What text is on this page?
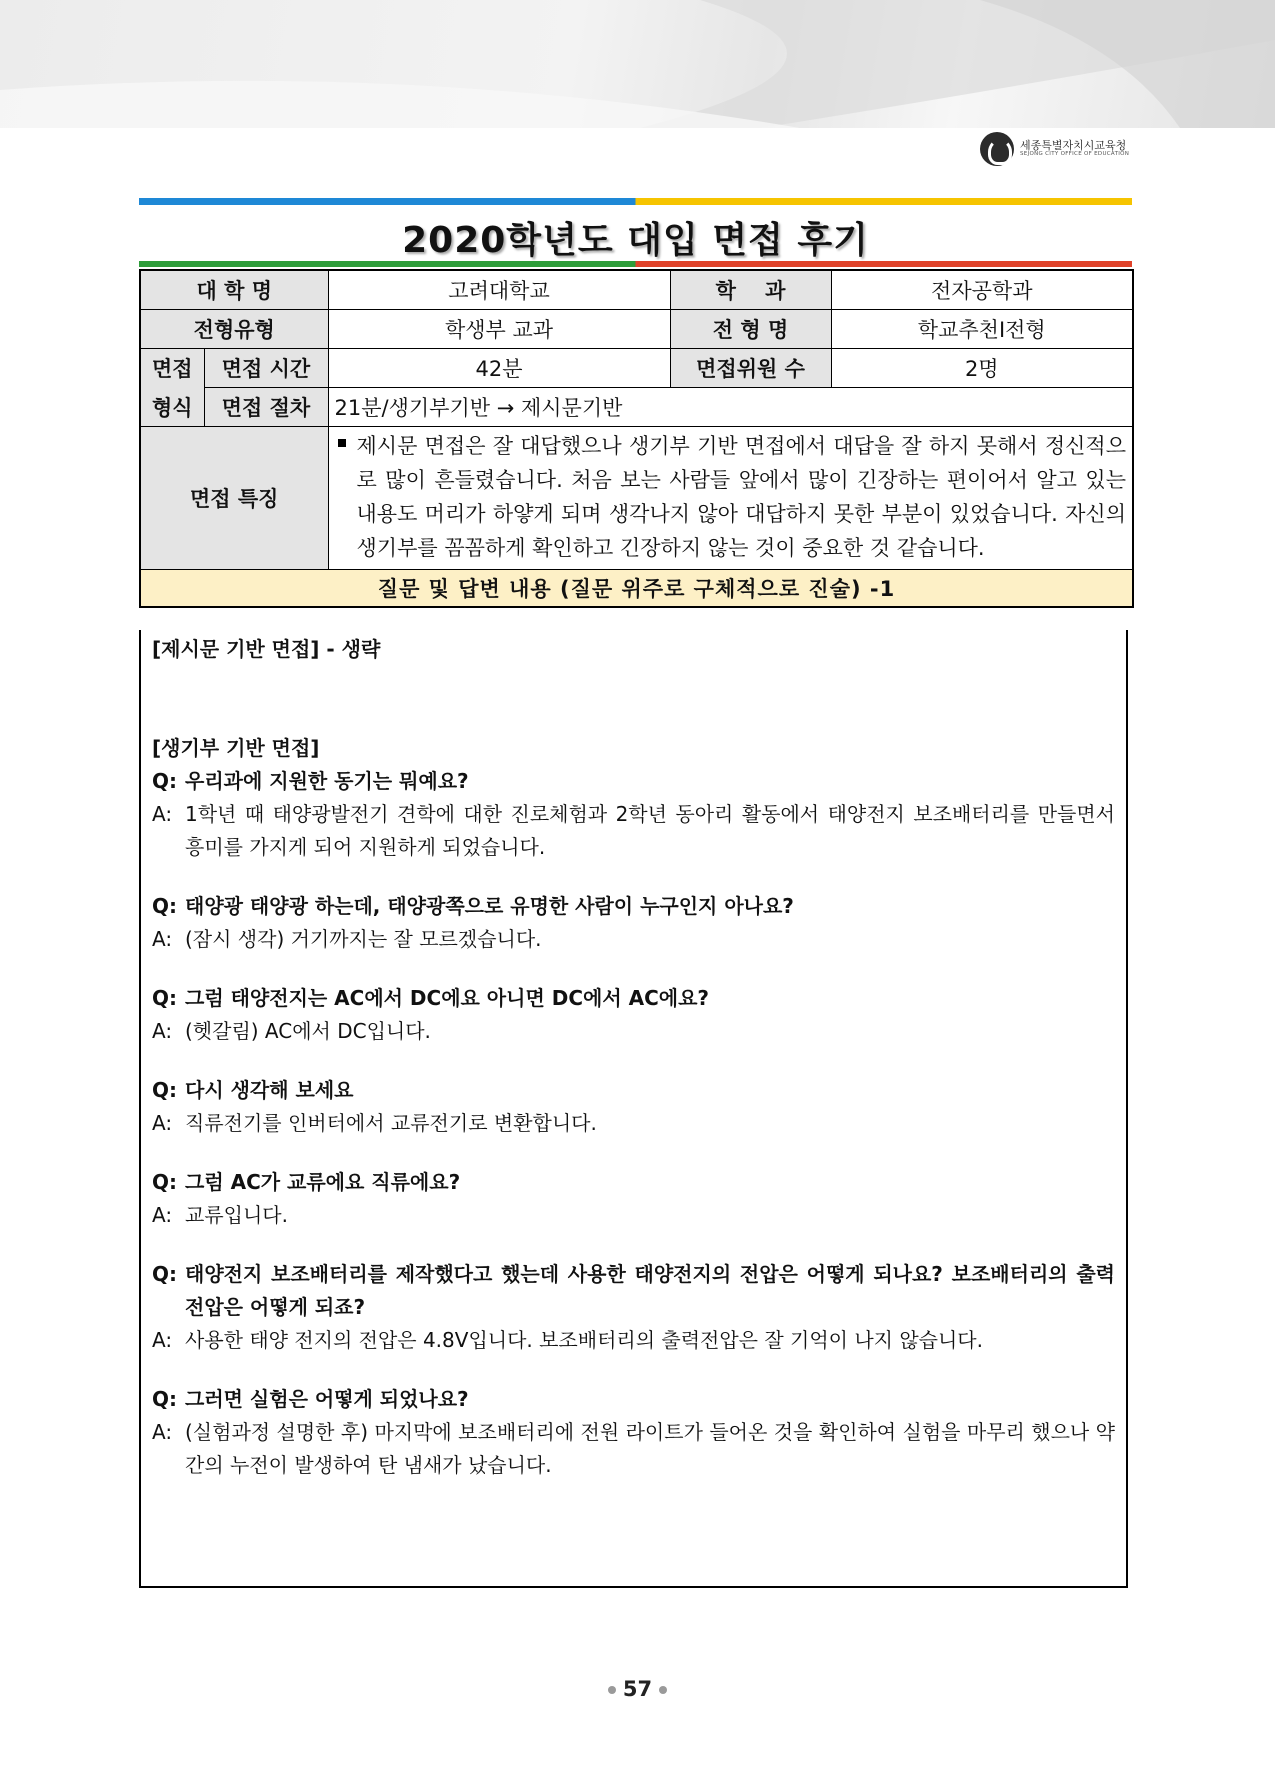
세종특별자치시교육청
SEJONG CITY OFFICE OF EDUCATION
2020학년도 대입 면접 후기
대 학 명		고려대학교	학    과	전자공학과
전형유형		학생부 교과	전 형 명	학교추천Ⅰ전형
면접	면접 시간	42분	면접위원 수	2명
형식	면접 절차	21분/생기부기반 → 제시문기반		
면접 특징		제시문 면접은 잘 대답했으나 생기부 기반 면접에서 대답을 잘 하지 못해서 정신적으로 많이 흔들렸습니다. 처음 보는 사람들 앞에서 많이 긴장하는 편이어서 알고 있는 내용도 머리가 하얗게 되며 생각나지 않아 대답하지 못한 부분이 있었습니다. 자신의 생기부를 꼼꼼하게 확인하고 긴장하지 않는 것이 중요한 것 같습니다.		
질문 및 답변 내용 (질문 위주로 구체적으로 진술) -1				
[제시문 기반 면접] - 생략
[생기부 기반 면접]
Q: 우리과에 지원한 동기는 뭐예요?
A: 1학년 때 태양광발전기 견학에 대한 진로체험과 2학년 동아리 활동에서 태양전지 보조배터리를 만들면서 흥미를 가지게 되어 지원하게 되었습니다.
Q: 태양광 태양광 하는데, 태양광쪽으로 유명한 사람이 누구인지 아나요?
A: (잠시 생각) 거기까지는 잘 모르겠습니다.
Q: 그럼 태양전지는 AC에서 DC에요 아니면 DC에서 AC에요?
A: (헷갈림) AC에서 DC입니다.
Q: 다시 생각해 보세요
A: 직류전기를 인버터에서 교류전기로 변환합니다.
Q: 그럼 AC가 교류에요 직류에요?
A: 교류입니다.
Q: 태양전지 보조배터리를 제작했다고 했는데 사용한 태양전지의 전압은 어떻게 되나요? 보조배터리의 출력전압은 어떻게 되죠?
A: 사용한 태양 전지의 전압은 4.8V입니다. 보조배터리의 출력전압은 잘 기억이 나지 않습니다.
Q: 그러면 실험은 어떻게 되었나요?
A: (실험과정 설명한 후) 마지막에 보조배터리에 전원 라이트가 들어온 것을 확인하여 실험을 마무리 했으나 약간의 누전이 발생하여 탄 냄새가 났습니다.
57
